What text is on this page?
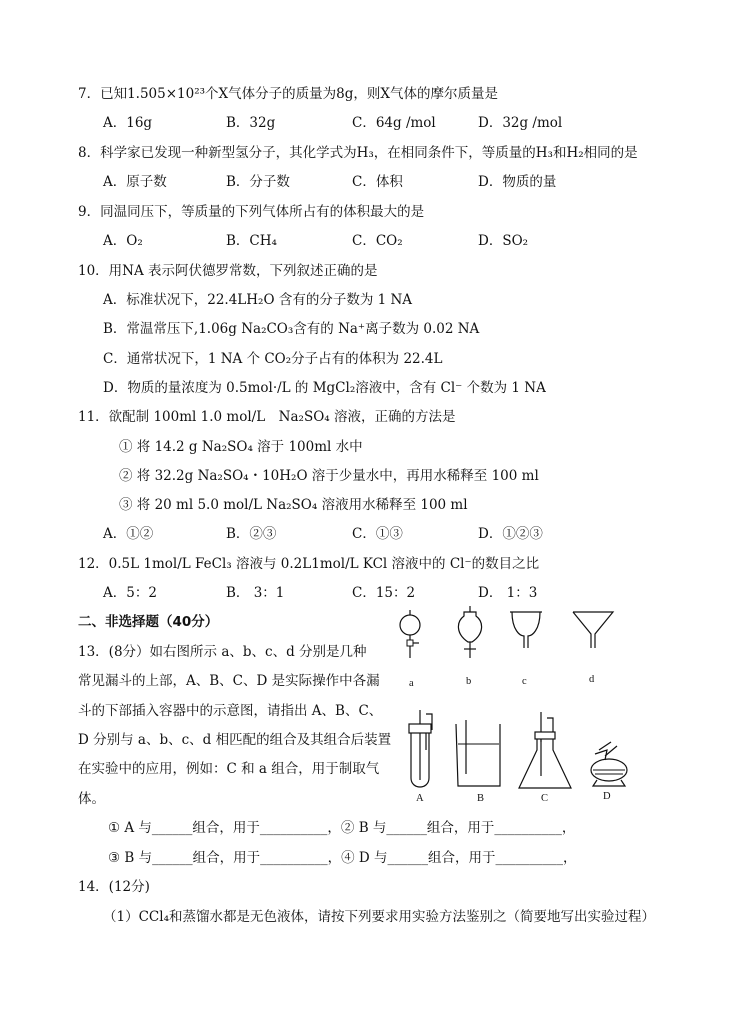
7．已知1.505×10²³个X气体分子的质量为8g，则X气体的摩尔质量是
A．16g	B．32g	C．64g /mol	D．32g /mol
8．科学家已发现一种新型氢分子，其化学式为H₃，在相同条件下，等质量的H₃和H₂相同的是
A．原子数	B．分子数	C．体积	D．物质的量
9．同温同压下，等质量的下列气体所占有的体积最大的是
A．O₂	B．CH₄	C．CO₂	D．SO₂
10．用NA 表示阿伏德罗常数，下列叙述正确的是
A．标准状况下，22.4LH₂O 含有的分子数为 1 NA
B．常温常压下,1.06g Na₂CO₃含有的 Na⁺离子数为 0.02 NA
C．通常状况下，1 NA 个 CO₂分子占有的体积为 22.4L
D．物质的量浓度为 0.5mol·/L 的 MgCl₂溶液中，含有 Cl⁻ 个数为 1 NA
11．欲配制 100ml 1.0 mol/L　Na₂SO₄ 溶液，正确的方法是
① 将 14.2 g Na₂SO₄ 溶于 100ml 水中
② 将 32.2g Na₂SO₄・10H₂O 溶于少量水中，再用水稀释至 100 ml
③ 将 20 ml 5.0 mol/L Na₂SO₄ 溶液用水稀释至 100 ml
A．①②	B．②③	C．①③	D．①②③
12．0.5L 1mol/L FeCl₃ 溶液与 0.2L1mol/L KCl 溶液中的 Cl⁻的数目之比
A．5：2	B． 3：1	C．15：2	D． 1：3
二、非选择题（40分）
13．(8分）如右图所示 a、b、c、d 分别是几种
常见漏斗的上部，A、B、C、D 是实际操作中各漏
斗的下部插入容器中的示意图，请指出 A、B、C、
D 分别与 a、b、c、d 相匹配的组合及其组合后装置
在实验中的应用，例如：C 和 a 组合，用于制取气
体。
① A 与______组合，用于__________，② B 与______组合，用于__________，
③ B 与______组合，用于__________，④ D 与______组合，用于__________，
a	b	c	d
A	B	C	D
14．(12分)
（1）CCl₄和蒸馏水都是无色液体，请按下列要求用实验方法鉴别之（简要地写出实验过程）
